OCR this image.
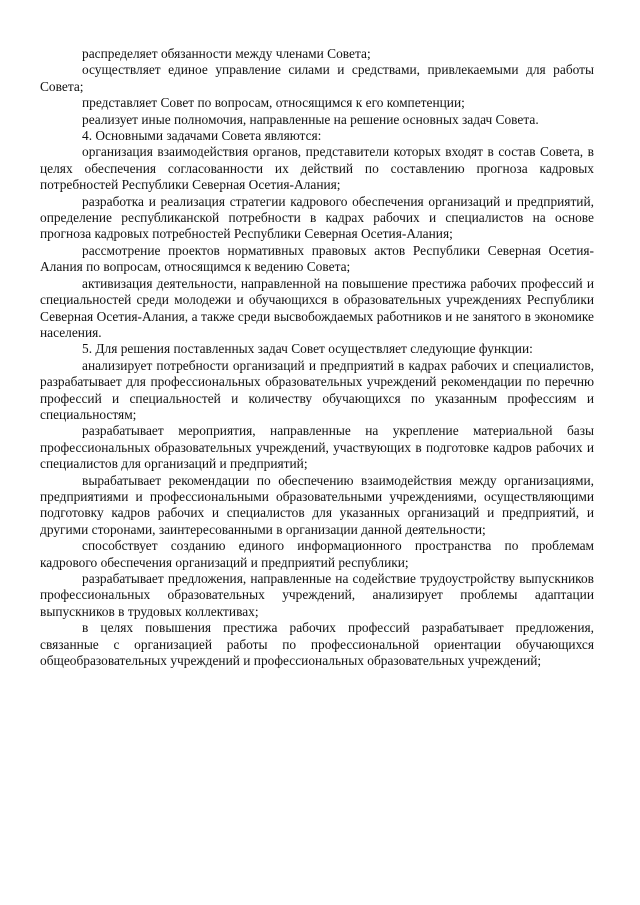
распределяет обязанности между членами Совета;

осуществляет единое управление силами и средствами, привлекаемыми для работы Совета;

представляет Совет по вопросам, относящимся к его компетенции;

реализует иные полномочия, направленные на решение основных задач Совета.

4. Основными задачами Совета являются:

организация взаимодействия органов, представители которых входят в состав Совета, в целях обеспечения согласованности их действий по составлению прогноза кадровых потребностей Республики Северная Осетия-Алания;

разработка и реализация стратегии кадрового обеспечения организаций и предприятий, определение республиканской потребности в кадрах рабочих и специалистов на основе прогноза кадровых потребностей Республики Северная Осетия-Алания;

рассмотрение проектов нормативных правовых актов Республики Северная Осетия-Алания по вопросам, относящимся к ведению Совета;

активизация деятельности, направленной на повышение престижа рабочих профессий и специальностей среди молодежи и обучающихся в образовательных учреждениях Республики Северная Осетия-Алания, а также среди высвобождаемых работников и не занятого в экономике населения.

5. Для решения поставленных задач Совет осуществляет следующие функции:

анализирует потребности организаций и предприятий в кадрах рабочих и специалистов, разрабатывает для профессиональных образовательных учреждений рекомендации по перечню профессий и специальностей и количеству обучающихся по указанным профессиям и специальностям;

разрабатывает мероприятия, направленные на укрепление материальной базы профессиональных образовательных учреждений, участвующих в подготовке кадров рабочих и специалистов для организаций и предприятий;

вырабатывает рекомендации по обеспечению взаимодействия между организациями, предприятиями и профессиональными образовательными учреждениями, осуществляющими подготовку кадров рабочих и специалистов для указанных организаций и предприятий, и другими сторонами, заинтересованными в организации данной деятельности;

способствует созданию единого информационного пространства по проблемам кадрового обеспечения организаций и предприятий республики;

разрабатывает предложения, направленные на содействие трудоустройству выпускников профессиональных образовательных учреждений, анализирует проблемы адаптации выпускников в трудовых коллективах;

в целях повышения престижа рабочих профессий разрабатывает предложения, связанные с организацией работы по профессиональной ориентации обучающихся общеобразовательных учреждений и профессиональных образовательных учреждений;
